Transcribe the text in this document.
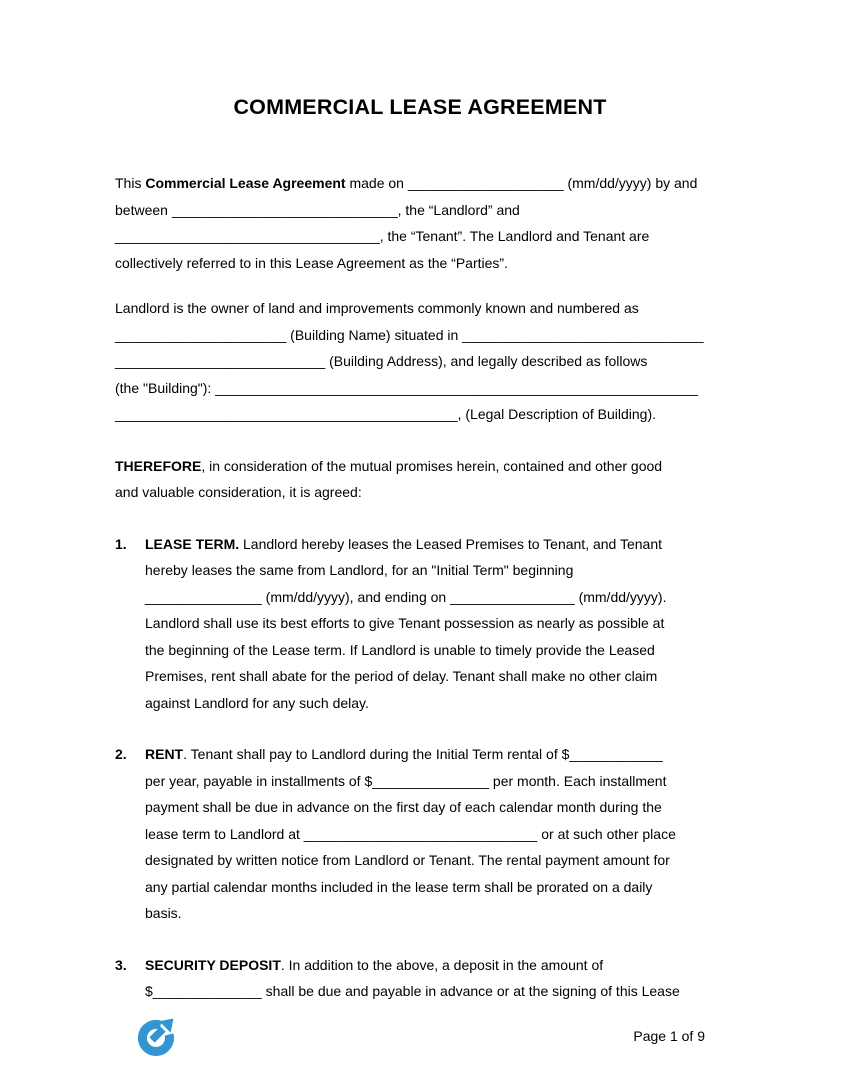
COMMERCIAL LEASE AGREEMENT
This Commercial Lease Agreement made on ____________________ (mm/dd/yyyy) by and
between _____________________________, the “Landlord” and
__________________________________, the “Tenant”. The Landlord and Tenant are
collectively referred to in this Lease Agreement as the “Parties”.
Landlord is the owner of land and improvements commonly known and numbered as
______________________ (Building Name) situated in _______________________________
___________________________ (Building Address), and legally described as follows
(the "Building"): ______________________________________________________________
____________________________________________, (Legal Description of Building).
THEREFORE, in consideration of the mutual promises herein, contained and other good
and valuable consideration, it is agreed:
1.	LEASE TERM. Landlord hereby leases the Leased Premises to Tenant, and Tenant
hereby leases the same from Landlord, for an "Initial Term" beginning
_______________ (mm/dd/yyyy), and ending on ________________ (mm/dd/yyyy).
Landlord shall use its best efforts to give Tenant possession as nearly as possible at
the beginning of the Lease term. If Landlord is unable to timely provide the Leased
Premises, rent shall abate for the period of delay. Tenant shall make no other claim
against Landlord for any such delay.
2.	RENT. Tenant shall pay to Landlord during the Initial Term rental of $____________
per year, payable in installments of $_______________ per month. Each installment
payment shall be due in advance on the first day of each calendar month during the
lease term to Landlord at ______________________________ or at such other place
designated by written notice from Landlord or Tenant. The rental payment amount for
any partial calendar months included in the lease term shall be prorated on a daily
basis.
3.	SECURITY DEPOSIT. In addition to the above, a deposit in the amount of
$______________ shall be due and payable in advance or at the signing of this Lease
Page 1 of 9
